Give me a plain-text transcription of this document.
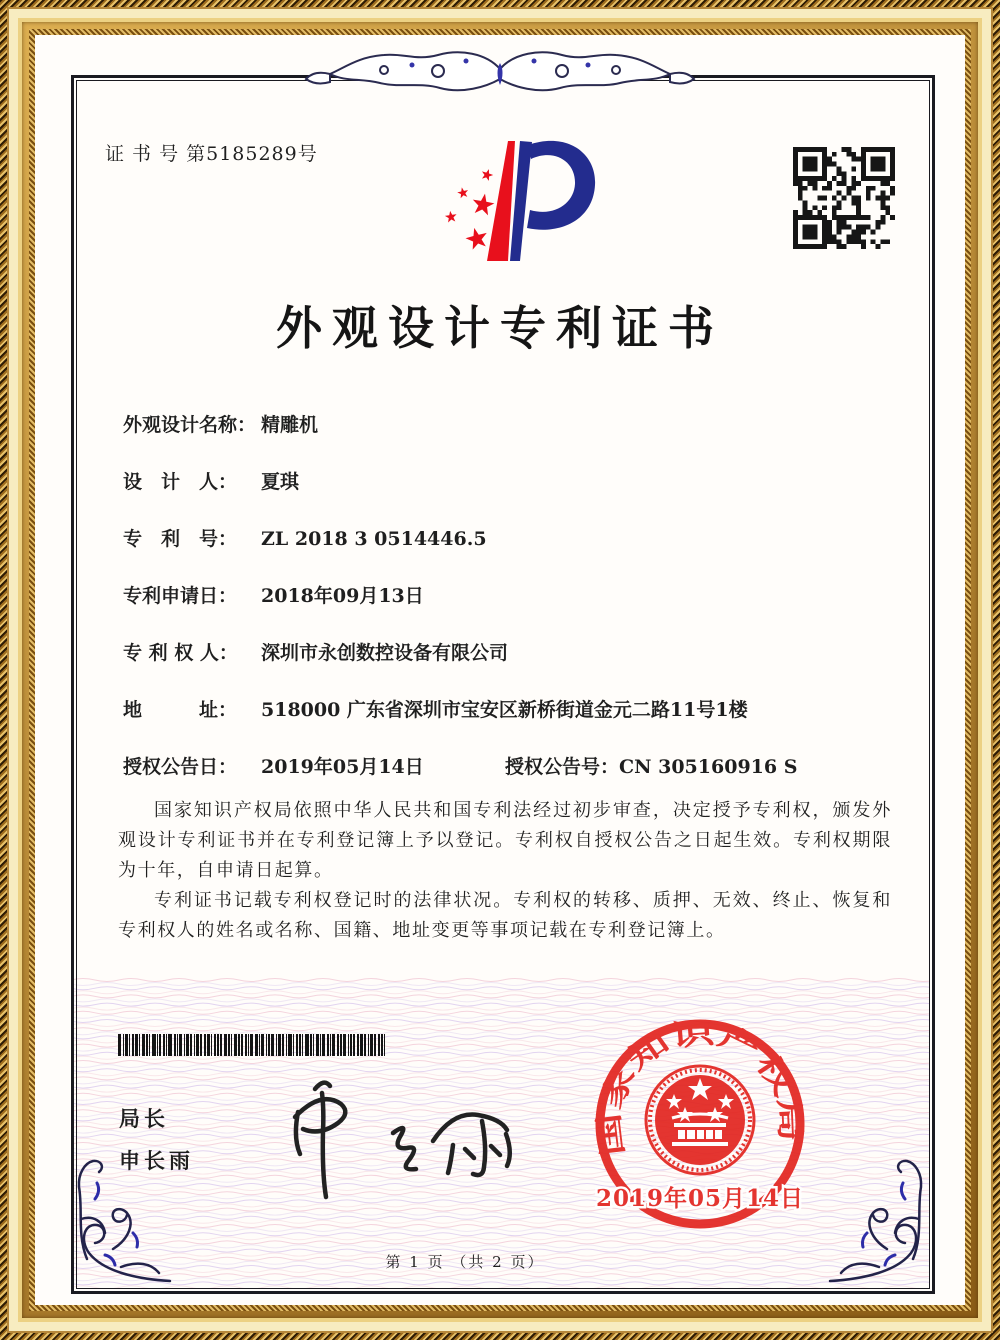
证 书 号 第5185289号
外观设计专利证书
外观设计名称： 精雕机
设　计　人： 夏琪
专　利　号： ZL 2018 3 0514446.5
专利申请日： 2018年09月13日
专 利 权 人： 深圳市永创数控设备有限公司
地　　　址： 518000 广东省深圳市宝安区新桥街道金元二路11号1楼
授权公告日： 2019年05月14日	授权公告号：CN 305160916 S

国家知识产权局依照中华人民共和国专利法经过初步审查，决定授予专利权，颁发外观设计专利证书并在专利登记簿上予以登记。专利权自授权公告之日起生效。专利权期限为十年，自申请日起算。

专利证书记载专利权登记时的法律状况。专利权的转移、质押、无效、终止、恢复和专利权人的姓名或名称、国籍、地址变更等事项记载在专利登记簿上。

局长
申长雨
国家知识产权局
2019年05月14日
第 1 页 （共 2 页）
